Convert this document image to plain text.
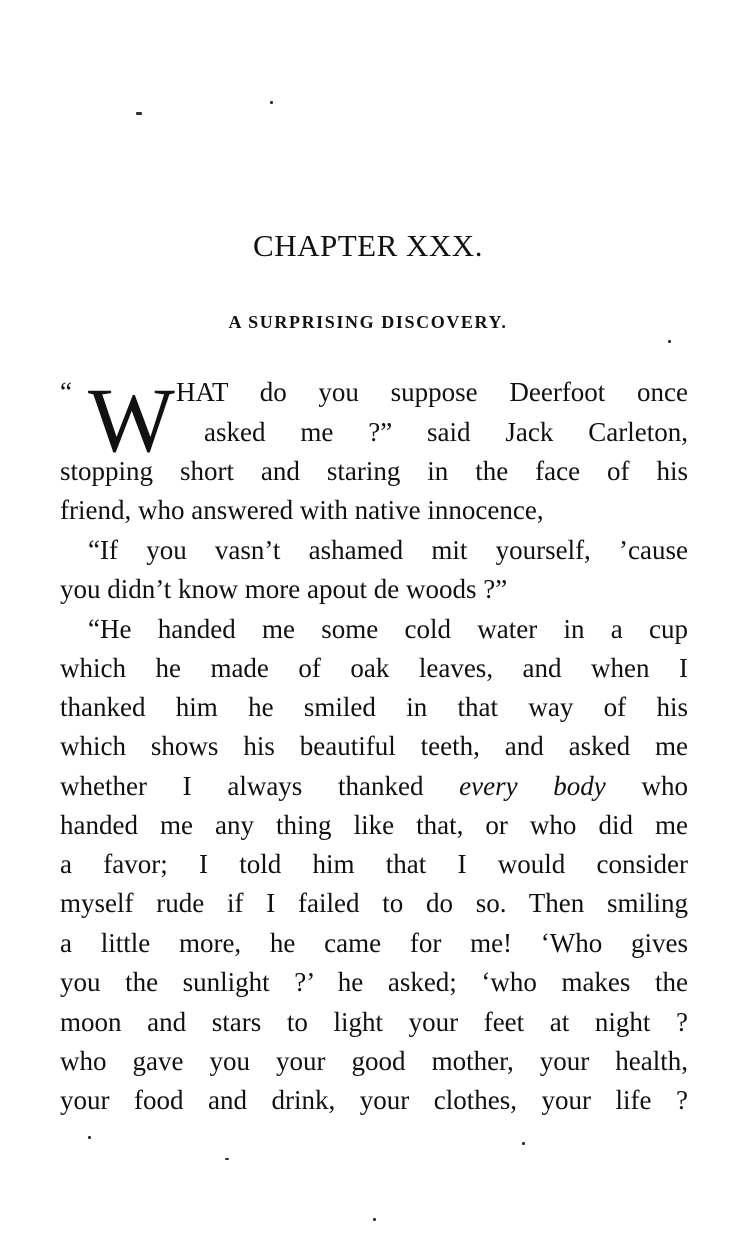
CHAPTER XXX.
A SURPRISING DISCOVERY.
“ W HAT do you suppose Deerfoot once
asked me ?” said Jack Carleton,
stopping short and staring in the face of his
friend, who answered with native innocence,
“If you vasn’t ashamed mit yourself, ’cause
you didn’t know more apout de woods ?”
“He handed me some cold water in a cup
which he made of oak leaves, and when I
thanked him he smiled in that way of his
which shows his beautiful teeth, and asked me
whether I always thanked every body who
handed me any thing like that, or who did me
a favor; I told him that I would consider
myself rude if I failed to do so. Then smiling
a little more, he came for me! ‘Who gives
you the sunlight ?’ he asked; ‘who makes the
moon and stars to light your feet at night ?
who gave you your good mother, your health,
your food and drink, your clothes, your life ?
